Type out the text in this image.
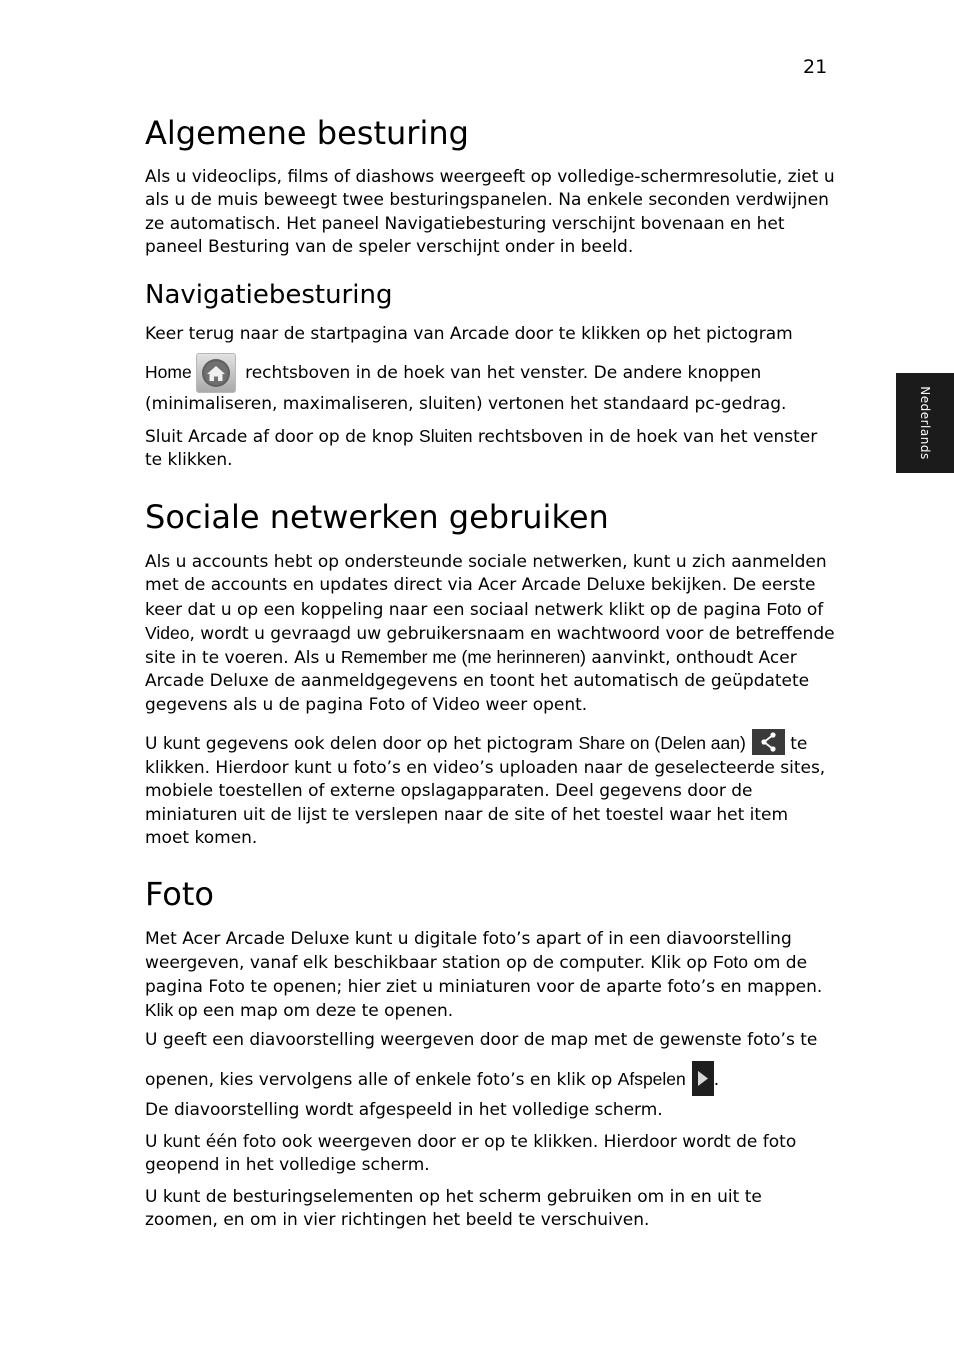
21
Nederlands
Algemene besturing
Als u videoclips, films of diashows weergeeft op volledige-schermresolutie, ziet u als u de muis beweegt twee besturingspanelen. Na enkele seconden verdwijnen ze automatisch. Het paneel Navigatiebesturing verschijnt bovenaan en het paneel Besturing van de speler verschijnt onder in beeld.
Navigatiebesturing
Keer terug naar de startpagina van Arcade door te klikken op het pictogram
Home	rechtsboven in de hoek van het venster. De andere knoppen
(minimaliseren, maximaliseren, sluiten) vertonen het standaard pc-gedrag.
Sluit Arcade af door op de knop Sluiten rechtsboven in de hoek van het venster te klikken.
Sociale netwerken gebruiken
Als u accounts hebt op ondersteunde sociale netwerken, kunt u zich aanmelden met de accounts en updates direct via Acer Arcade Deluxe bekijken. De eerste keer dat u op een koppeling naar een sociaal netwerk klikt op de pagina Foto of Video, wordt u gevraagd uw gebruikersnaam en wachtwoord voor de betreffende site in te voeren. Als u Remember me (me herinneren) aanvinkt, onthoudt Acer Arcade Deluxe de aanmeldgegevens en toont het automatisch de geüpdatete gegevens als u de pagina Foto of Video weer opent.
U kunt gegevens ook delen door op het pictogram Share on (Delen aan) te klikken. Hierdoor kunt u foto’s en video’s uploaden naar de geselecteerde sites, mobiele toestellen of externe opslagapparaten. Deel gegevens door de miniaturen uit de lijst te verslepen naar de site of het toestel waar het item moet komen.
Foto
Met Acer Arcade Deluxe kunt u digitale foto’s apart of in een diavoorstelling weergeven, vanaf elk beschikbaar station op de computer. Klik op Foto om de pagina Foto te openen; hier ziet u miniaturen voor de aparte foto’s en mappen. Klik op een map om deze te openen.
U geeft een diavoorstelling weergeven door de map met de gewenste foto’s te
openen, kies vervolgens alle of enkele foto’s en klik op Afspelen .
De diavoorstelling wordt afgespeeld in het volledige scherm.
U kunt één foto ook weergeven door er op te klikken. Hierdoor wordt de foto geopend in het volledige scherm.
U kunt de besturingselementen op het scherm gebruiken om in en uit te zoomen, en om in vier richtingen het beeld te verschuiven.
